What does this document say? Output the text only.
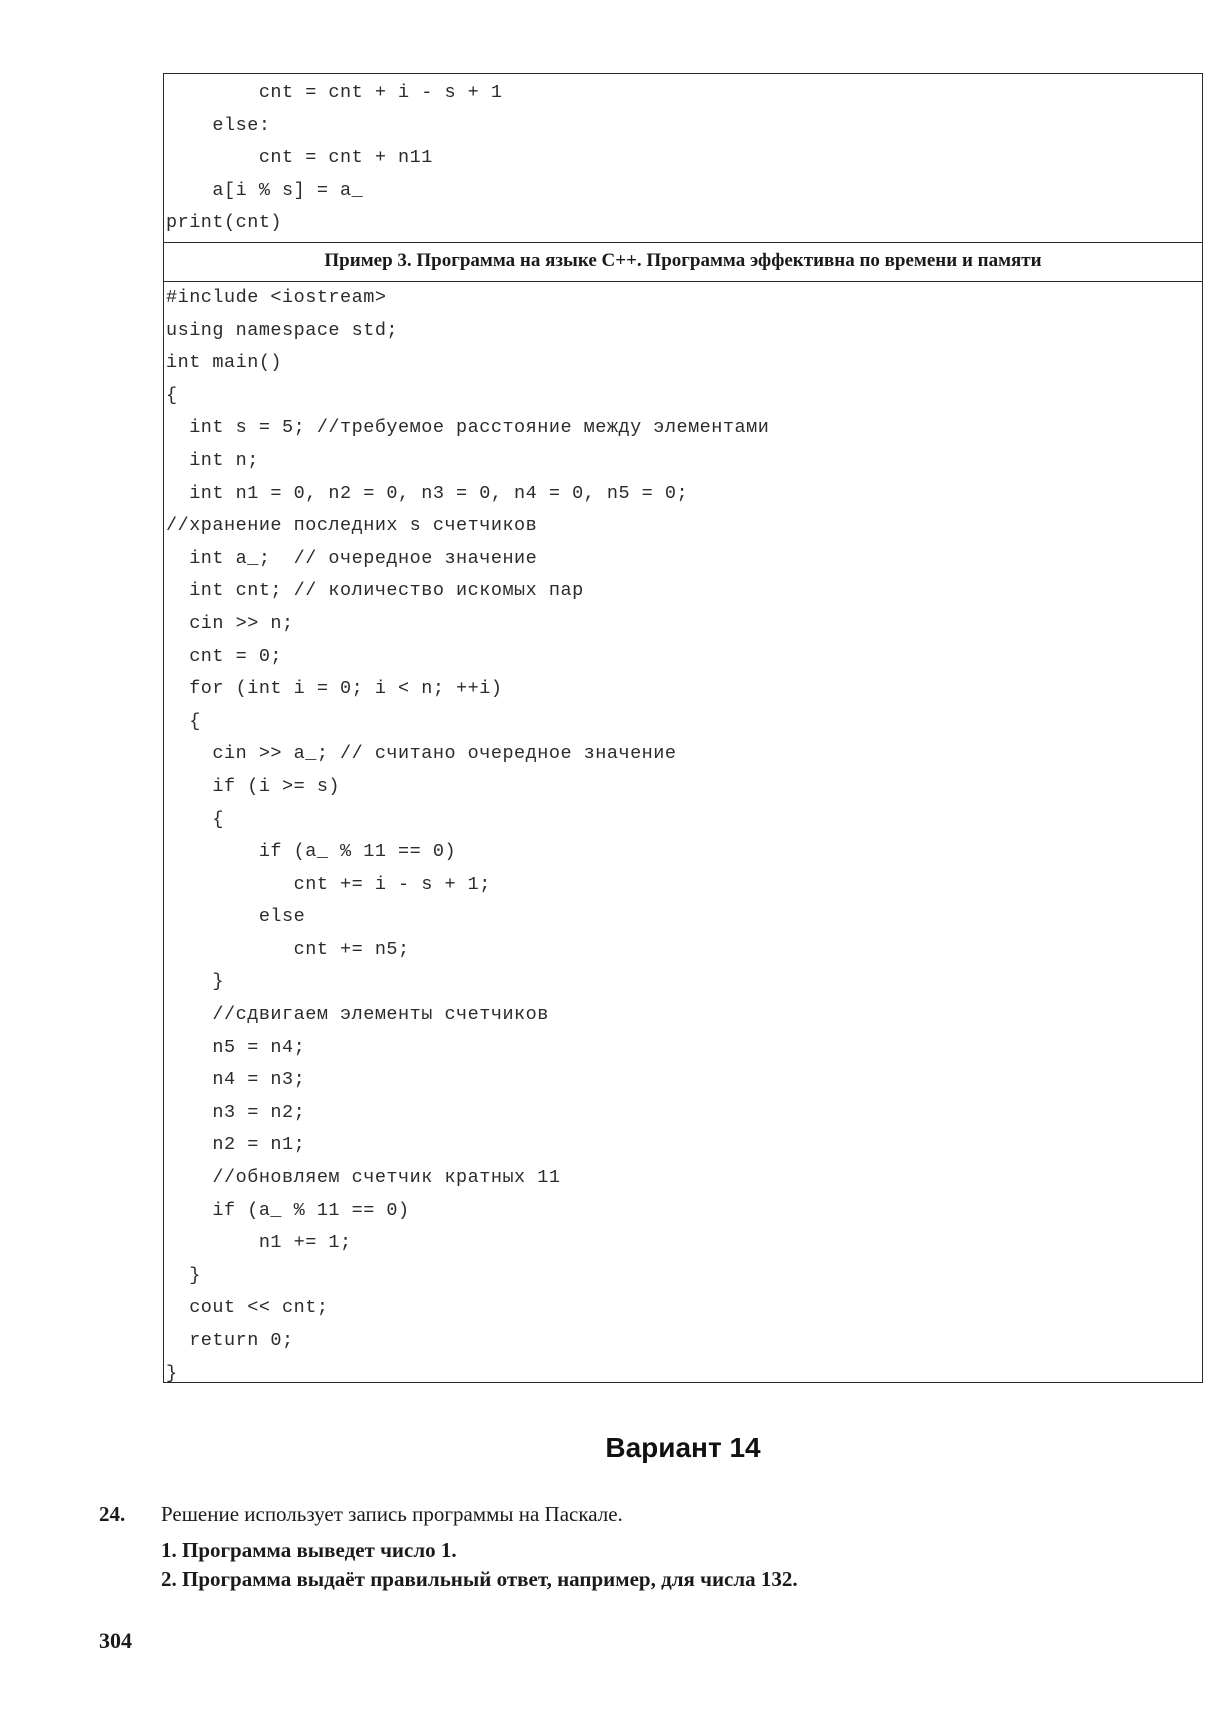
cnt = cnt + i - s + 1
else:
cnt = cnt + n11
a[i % s] = a_
print(cnt)
Пример 3. Программа на языке C++. Программа эффективна по времени и памяти
#include <iostream>
using namespace std;
int main()
{
int s = 5; //требуемое расстояние между элементами
int n;
int n1 = 0, n2 = 0, n3 = 0, n4 = 0, n5 = 0;
//хранение последних s счетчиков
int a_;  // очередное значение
int cnt; // количество искомых пар
cin >> n;
cnt = 0;
for (int i = 0; i < n; ++i)
{
cin >> a_; // считано очередное значение
if (i >= s)
{
if (a_ % 11 == 0)
cnt += i - s + 1;
else
cnt += n5;
}
//сдвигаем элементы счетчиков
n5 = n4;
n4 = n3;
n3 = n2;
n2 = n1;
//обновляем счетчик кратных 11
if (a_ % 11 == 0)
n1 += 1;
}
cout << cnt;
return 0;
}
Вариант 14
24. Решение использует запись программы на Паскале.
1. Программа выведет число 1.
2. Программа выдаёт правильный ответ, например, для числа 132.
304
